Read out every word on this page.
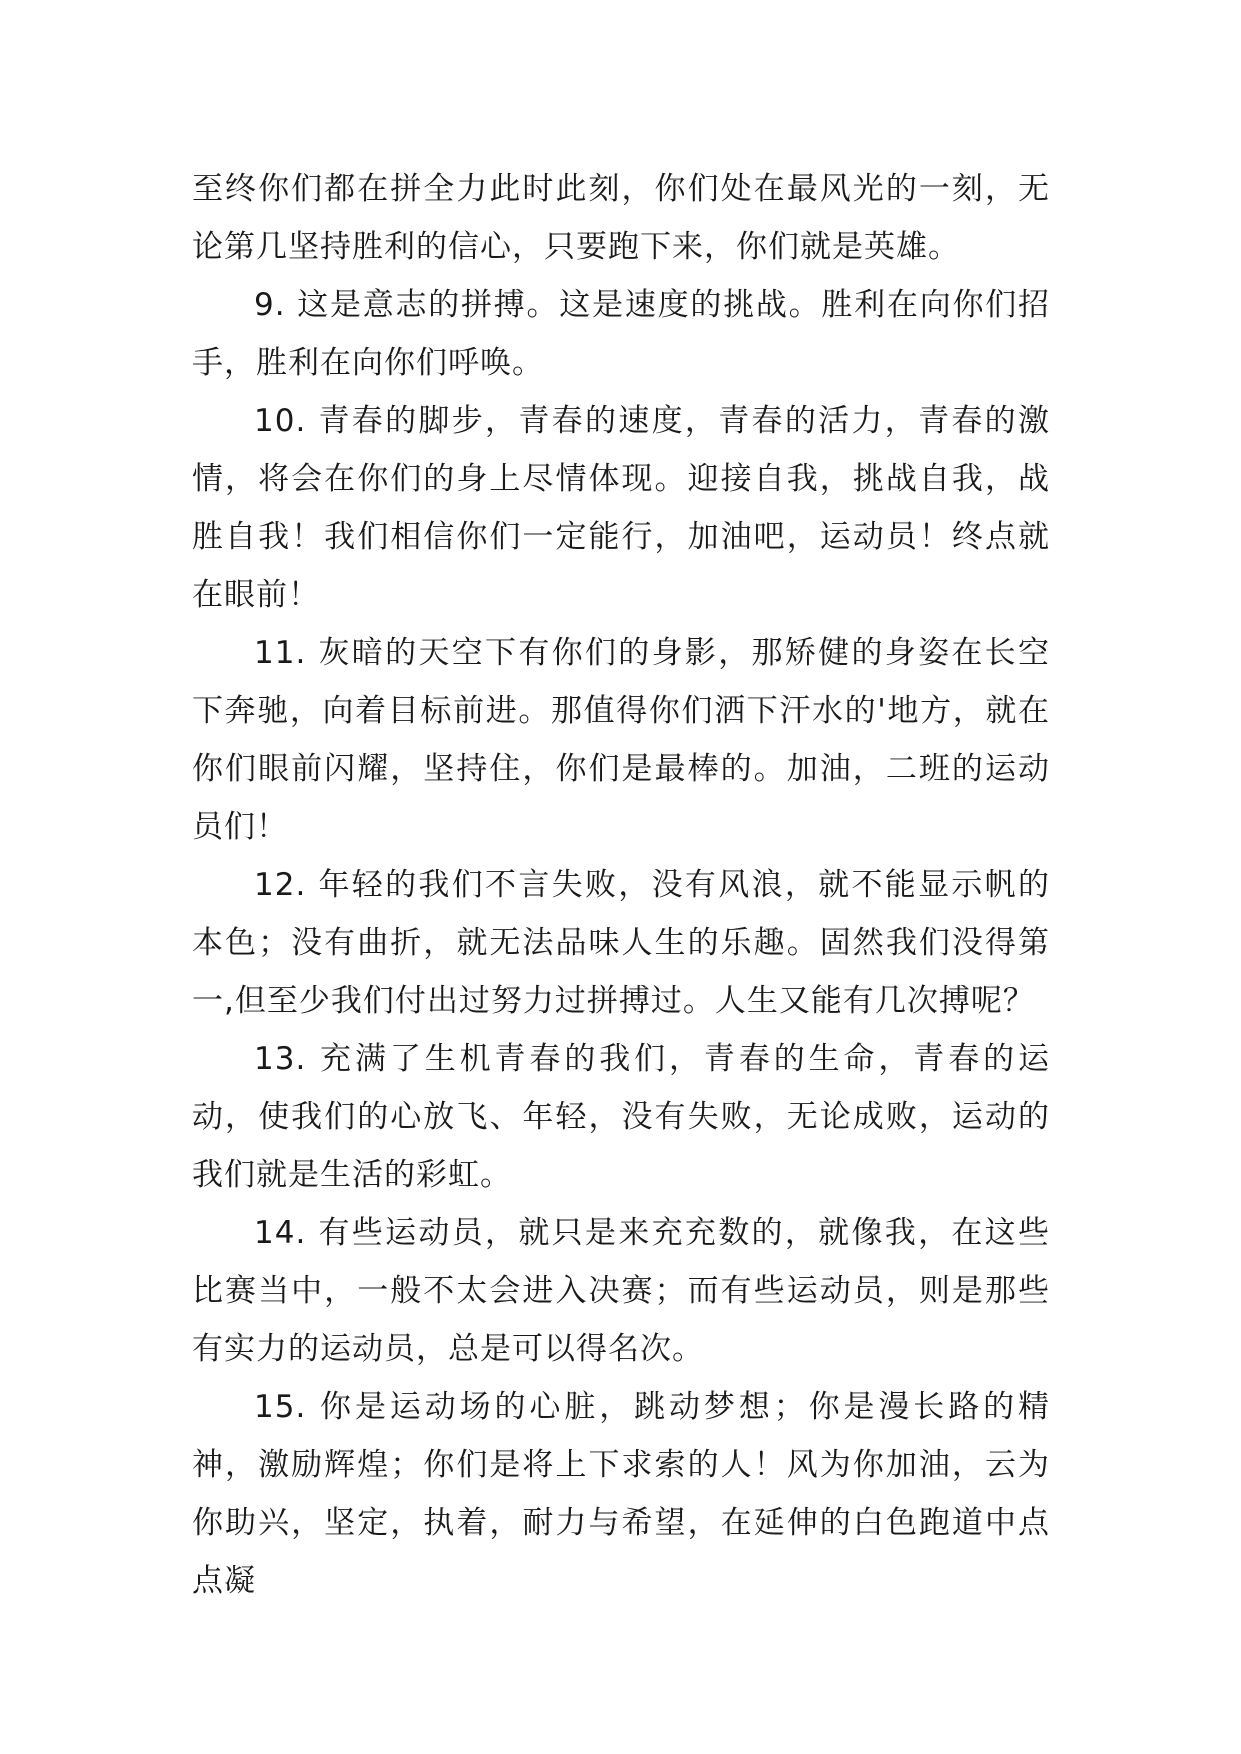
至终你们都在拼全力此时此刻，你们处在最风光的一刻，无论第几坚持胜利的信心，只要跑下来，你们就是英雄。

9. 这是意志的拼搏。这是速度的挑战。胜利在向你们招手，胜利在向你们呼唤。

10. 青春的脚步，青春的速度，青春的活力，青春的激情，将会在你们的身上尽情体现。迎接自我，挑战自我，战胜自我！我们相信你们一定能行，加油吧，运动员！终点就在眼前！

11. 灰暗的天空下有你们的身影，那矫健的身姿在长空下奔驰，向着目标前进。那值得你们洒下汗水的'地方，就在你们眼前闪耀，坚持住，你们是最棒的。加油，二班的运动员们！

12. 年轻的我们不言失败，没有风浪，就不能显示帆的本色；没有曲折，就无法品味人生的乐趣。固然我们没得第一,但至少我们付出过努力过拼搏过。人生又能有几次搏呢？

13. 充满了生机青春的我们，青春的生命，青春的运动，使我们的心放飞、年轻，没有失败，无论成败，运动的我们就是生活的彩虹。

14. 有些运动员，就只是来充充数的，就像我，在这些比赛当中，一般不太会进入决赛；而有些运动员，则是那些有实力的运动员，总是可以得名次。

15. 你是运动场的心脏，跳动梦想；你是漫长路的精神，激励辉煌；你们是将上下求索的人！风为你加油，云为你助兴，坚定，执着，耐力与希望，在延伸的白色跑道中点点凝
